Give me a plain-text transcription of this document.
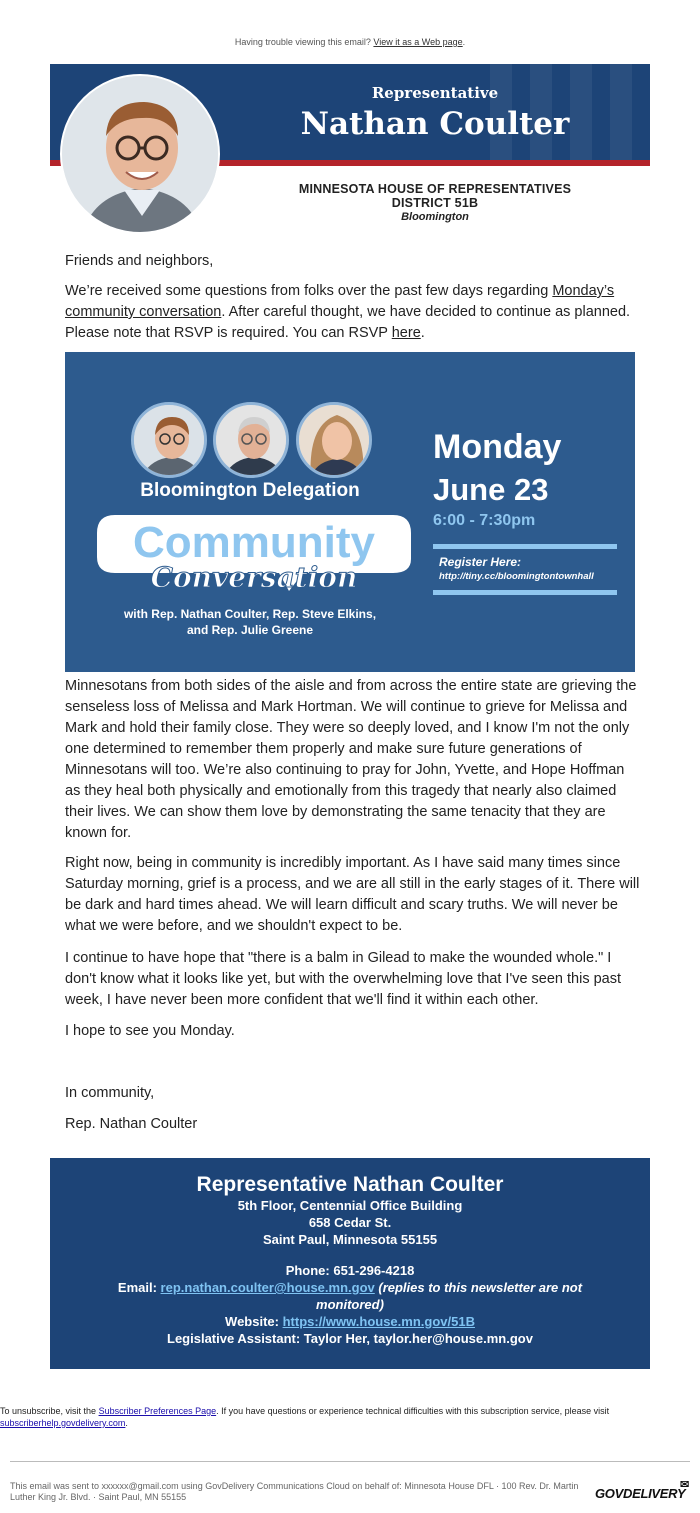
Having trouble viewing this email? View it as a Web page.
Representative
Nathan Coulter
MINNESOTA HOUSE OF REPRESENTATIVES
DISTRICT 51B
Bloomington
Friends and neighbors,
We’re received some questions from folks over the past few days regarding Monday’s community conversation. After careful thought, we have decided to continue as planned. Please note that RSVP is required. You can RSVP here.
Bloomington Delegation
Community
Conversation
with Rep. Nathan Coulter, Rep. Steve Elkins,
and Rep. Julie Greene
Monday
June 23
6:00 - 7:30pm
Register Here:
http://tiny.cc/bloomingtontownhall
Minnesotans from both sides of the aisle and from across the entire state are grieving the senseless loss of Melissa and Mark Hortman. We will continue to grieve for Melissa and Mark and hold their family close. They were so deeply loved, and I know I'm not the only one determined to remember them properly and make sure future generations of Minnesotans will too. We’re also continuing to pray for John, Yvette, and Hope Hoffman as they heal both physically and emotionally from this tragedy that nearly also claimed their lives. We can show them love by demonstrating the same tenacity that they are known for.
Right now, being in community is incredibly important. As I have said many times since Saturday morning, grief is a process, and we are all still in the early stages of it. There will be dark and hard times ahead. We will learn difficult and scary truths. We will never be what we were before, and we shouldn't expect to be.
I continue to have hope that "there is a balm in Gilead to make the wounded whole." I don't know what it looks like yet, but with the overwhelming love that I've seen this past week, I have never been more confident that we'll find it within each other.
I hope to see you Monday.
In community,
Rep. Nathan Coulter
Representative Nathan Coulter
5th Floor, Centennial Office Building
658 Cedar St.
Saint Paul, Minnesota 55155
Phone: 651-296-4218
Email: rep.nathan.coulter@house.mn.gov (replies to this newsletter are not monitored)
Website: https://www.house.mn.gov/51B
Legislative Assistant: Taylor Her, taylor.her@house.mn.gov
To unsubscribe, visit the Subscriber Preferences Page. If you have questions or experience technical difficulties with this subscription service, please visit subscriberhelp.govdelivery.com.
This email was sent to xxxxxx@gmail.com using GovDelivery Communications Cloud on behalf of: Minnesota House DFL · 100 Rev. Dr. Martin Luther King Jr. Blvd. · Saint Paul, MN 55155	GOVDELIVERY
✉
